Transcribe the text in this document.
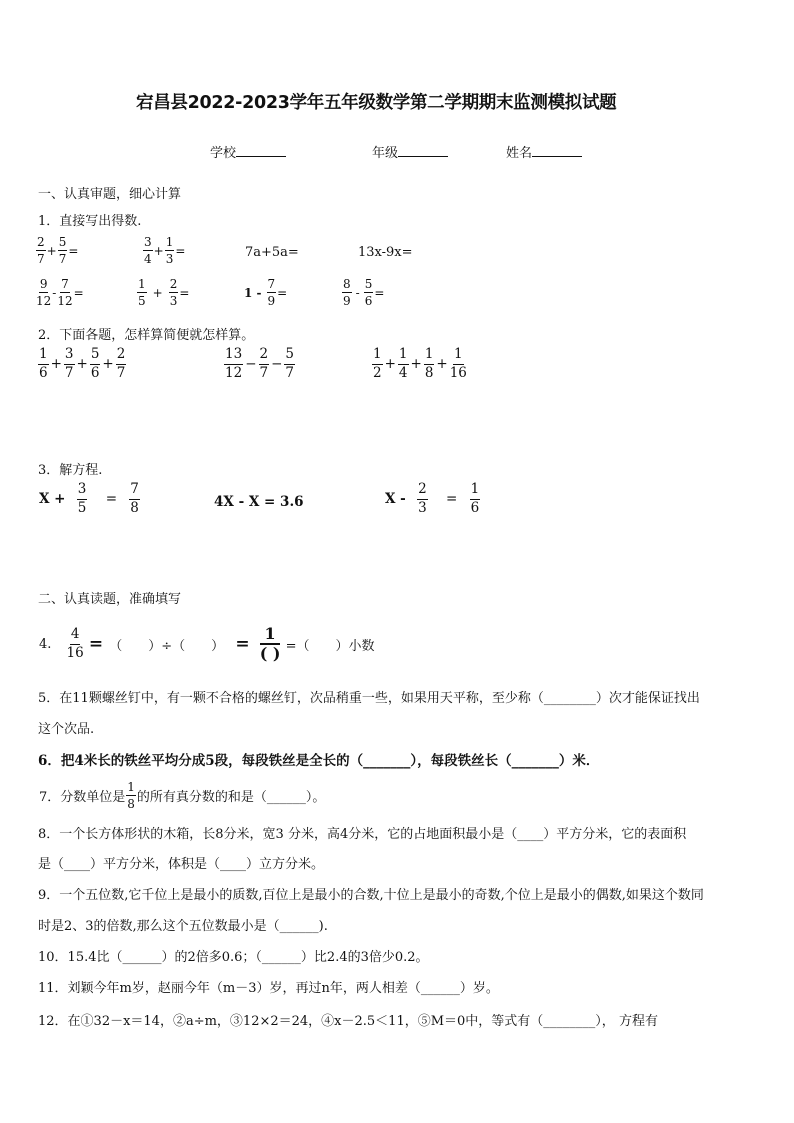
宕昌县2022-2023学年五年级数学第二学期期末监测模拟试题
学校	年级	姓名
一、认真审题，细心计算
1．直接写出得数.
$\frac{2}{7} + \frac{5}{7}$ =	$\frac{3}{4} + \frac{1}{3}$ =	7a+5a=	13x-9x=
$\frac{9}{12} - \frac{7}{12}$ =	$\frac{1}{5} + \frac{2}{3}$ =	$1 - \frac{7}{9}$ =	$\frac{8}{9} - \frac{5}{6}$ =
2．下面各题，怎样算简便就怎样算。
$\frac{1}{6} + \frac{3}{7} + \frac{5}{6} + \frac{2}{7}$	$\frac{13}{12} - \frac{2}{7} - \frac{5}{7}$	$\frac{1}{2} + \frac{1}{4} + \frac{1}{8} + \frac{1}{16}$
3．解方程.
$X + \frac{3}{5} = \frac{7}{8}$	4X - X = 3.6	$X - \frac{2}{3} = \frac{1}{6}$
二、认真读题，准确填写
4. $\frac{4}{16}$ = （　　）÷（　　） = $\frac{1}{( )}$ =（　　）小数
5．在11颗螺丝钉中，有一颗不合格的螺丝钉，次品稍重一些，如果用天平称，至少称（________）次才能保证找出
这个次品.
6．把4米长的铁丝平均分成5段，每段铁丝是全长的（_______），每段铁丝长（_______）米．
7．分数单位是 $\frac{1}{8}$ 的所有真分数的和是（______）。
8．一个长方体形状的木箱，长8分米，宽3 分米，高4分米，它的占地面积最小是（____）平方分米，它的表面积
是（____）平方分米，体积是（____）立方分米。
9．一个五位数,它千位上是最小的质数,百位上是最小的合数,十位上是最小的奇数,个位上是最小的偶数,如果这个数同
时是2、3的倍数,那么这个五位数最小是（______).
10．15.4比（______）的2倍多0.6；（______）比2.4的3倍少0.2。
11．刘颖今年m岁，赵丽今年（m－3）岁，再过n年，两人相差（______）岁。
12．在①32－x＝14，②a÷m，③12×2＝24，④x－2.5＜11，⑤M＝0中，等式有（________）， 方程有
